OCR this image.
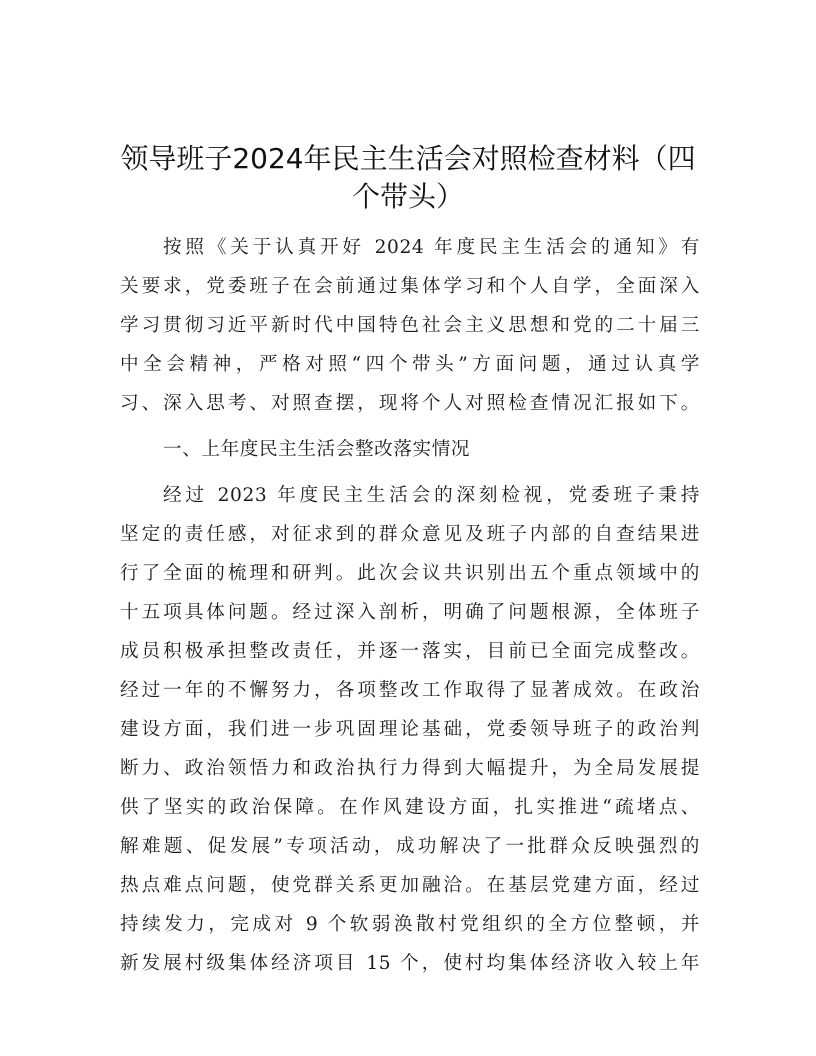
领导班子2024年民主生活会对照检查材料（四
个带头）
按照《关于认真开好 2024 年度民主生活会的通知》有
关要求，党委班子在会前通过集体学习和个人自学，全面深入
学习贯彻习近平新时代中国特色社会主义思想和党的二十届三
中全会精神，严格对照“四个带头”方面问题，通过认真学
习、深入思考、对照查摆，现将个人对照检查情况汇报如下。
一、上年度民主生活会整改落实情况
经过 2023 年度民主生活会的深刻检视，党委班子秉持
坚定的责任感，对征求到的群众意见及班子内部的自查结果进
行了全面的梳理和研判。此次会议共识别出五个重点领域中的
十五项具体问题。经过深入剖析，明确了问题根源，全体班子
成员积极承担整改责任，并逐一落实，目前已全面完成整改。
经过一年的不懈努力，各项整改工作取得了显著成效。在政治
建设方面，我们进一步巩固理论基础，党委领导班子的政治判
断力、政治领悟力和政治执行力得到大幅提升，为全局发展提
供了坚实的政治保障。在作风建设方面，扎实推进“疏堵点、
解难题、促发展”专项活动，成功解决了一批群众反映强烈的
热点难点问题，使党群关系更加融洽。在基层党建方面，经过
持续发力，完成对 9 个软弱涣散村党组织的全方位整顿，并
新发展村级集体经济项目 15 个，使村均集体经济收入较上年
